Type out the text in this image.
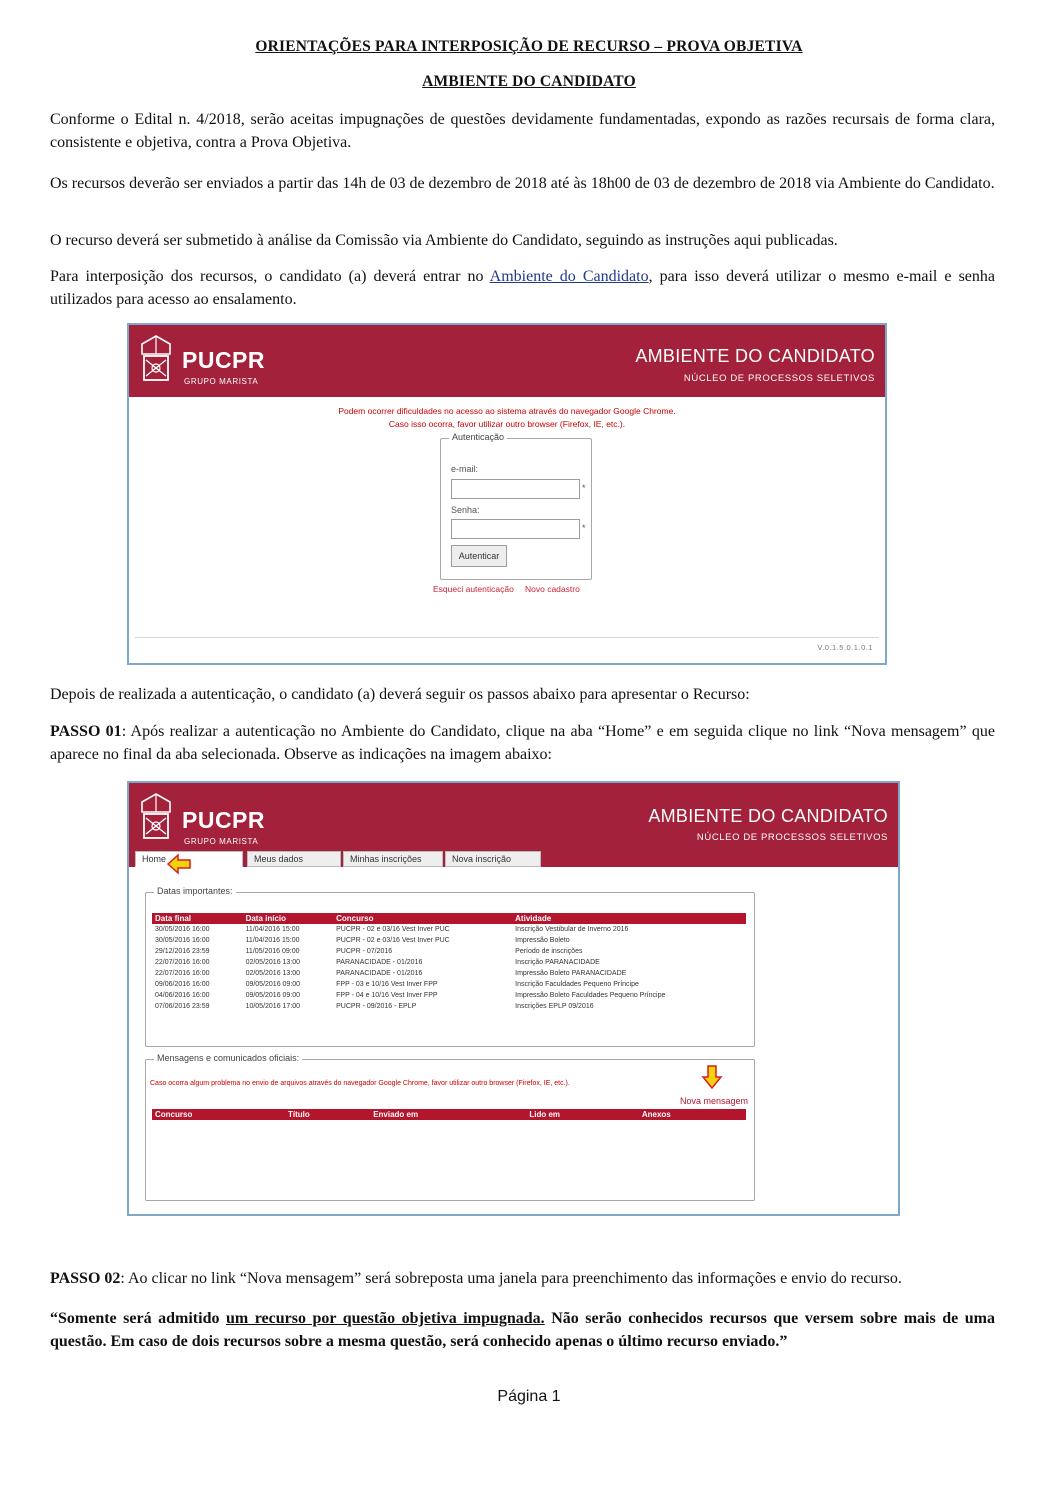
ORIENTAÇÕES PARA INTERPOSIÇÃO DE RECURSO – PROVA OBJETIVA
AMBIENTE DO CANDIDATO
Conforme o Edital n. 4/2018, serão aceitas impugnações de questões devidamente fundamentadas, expondo as razões recursais de forma clara, consistente e objetiva, contra a Prova Objetiva.
Os recursos deverão ser enviados a partir das 14h de 03 de dezembro de 2018 até às 18h00 de 03 de dezembro de 2018 via Ambiente do Candidato.
O recurso deverá ser submetido à análise da Comissão via Ambiente do Candidato, seguindo as instruções aqui publicadas.
Para interposição dos recursos, o candidato (a) deverá entrar no Ambiente do Candidato, para isso deverá utilizar o mesmo e-mail e senha utilizados para acesso ao ensalamento.
PUCPR
GRUPO MARISTA
AMBIENTE DO CANDIDATO
NÚCLEO DE PROCESSOS SELETIVOS
Podem ocorrer dificuldades no acesso ao sistema através do navegador Google Chrome.
Caso isso ocorra, favor utilizar outro browser (Firefox, IE, etc.).
Autenticação
e-mail:
*
Senha:
*
Autenticar
Esqueci autenticação Novo cadastro
V.0.1.5.0.1.0.1
Depois de realizada a autenticação, o candidato (a) deverá seguir os passos abaixo para apresentar o Recurso:
PASSO 01: Após realizar a autenticação no Ambiente do Candidato, clique na aba “Home” e em seguida clique no link “Nova mensagem” que aparece no final da aba selecionada. Observe as indicações na imagem abaixo:
PUCPR
GRUPO MARISTA
AMBIENTE DO CANDIDATO
NÚCLEO DE PROCESSOS SELETIVOS
Home	Meus dados	Minhas inscrições	Nova inscrição
Datas importantes:
Data final	Data início	Concurso	Atividade
30/05/2016 16:00	11/04/2016 15:00	PUCPR - 02 e 03/16 Vest Inver PUC	Inscrição Vestibular de Inverno 2016
30/05/2016 16:00	11/04/2016 15:00	PUCPR - 02 e 03/16 Vest Inver PUC	Impressão Boleto
29/12/2016 23:59	11/05/2016 09:00	PUCPR - 07/2016	Período de inscrições
22/07/2016 16:00	02/05/2016 13:00	PARANACIDADE - 01/2016	Inscrição PARANACIDADE
22/07/2016 16:00	02/05/2016 13:00	PARANACIDADE - 01/2016	Impressão Boleto PARANACIDADE
09/06/2016 16:00	09/05/2016 09:00	FPP - 03 e 10/16 Vest Inver FPP	Inscrição Faculdades Pequeno Príncipe
04/06/2016 16:00	09/05/2016 09:00	FPP - 04 e 10/16 Vest Inver FPP	Impressão Boleto Faculdades Pequeno Príncipe
07/06/2016 23:59	10/05/2016 17:00	PUCPR - 09/2016 - EPLP	Inscrições EPLP 09/2016
Mensagens e comunicados oficiais:
Caso ocorra algum problema no envio de arquivos através do navegador Google Chrome, favor utilizar outro browser (Firefox, IE, etc.).
Nova mensagem
Concurso	Título	Enviado em	Lido em	Anexos
PASSO 02: Ao clicar no link “Nova mensagem” será sobreposta uma janela para preenchimento das informações e envio do recurso.
“Somente será admitido um recurso por questão objetiva impugnada. Não serão conhecidos recursos que versem sobre mais de uma questão. Em caso de dois recursos sobre a mesma questão, será conhecido apenas o último recurso enviado.”
Página 1
